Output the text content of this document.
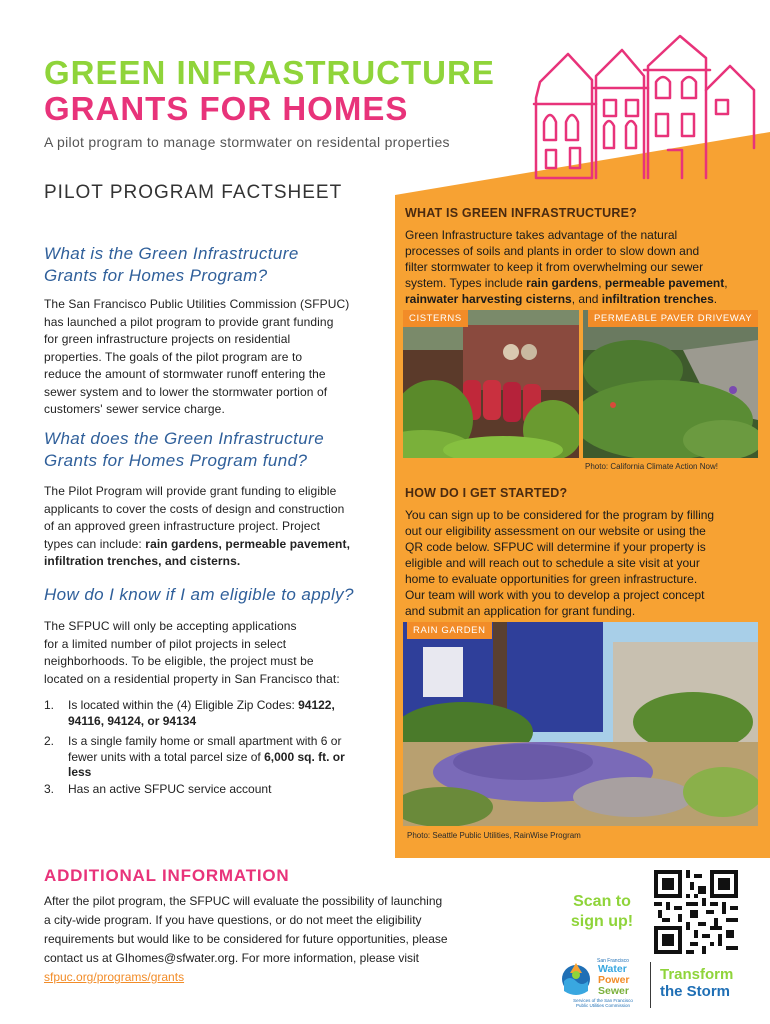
GREEN INFRASTRUCTURE
GRANTS FOR HOMES
A pilot program to manage stormwater on residental properties
PILOT PROGRAM FACTSHEET
What is the Green Infrastructure
Grants for Homes Program?
The San Francisco Public Utilities Commission (SFPUC)
has launched a pilot program to provide grant funding
for green infrastructure projects on residential
properties. The goals of the pilot program are to
reduce the amount of stormwater runoff entering the
sewer system and to lower the stormwater portion of
customers' sewer service charge.
What does the Green Infrastructure
Grants for Homes Program fund?
The Pilot Program will provide grant funding to eligible
applicants to cover the costs of design and construction
of an approved green infrastructure project. Project
types can include: rain gardens, permeable pavement,
infiltration trenches, and cisterns.
How do I know if I am eligible to apply?
The SFPUC will only be accepting applications
for a limited number of pilot projects in select
neighborhoods. To be eligible, the project must be
located on a residential property in San Francisco that:
1. Is located within the (4) Eligible Zip Codes: 94122,
94116, 94124, or 94134
2. Is a single family home or small apartment with 6 or
fewer units with a total parcel size of 6,000 sq. ft. or
less
3. Has an active SFPUC service account
WHAT IS GREEN INFRASTRUCTURE?
Green Infrastructure takes advantage of the natural
processes of soils and plants in order to slow down and
filter stormwater to keep it from overwhelming our sewer
system. Types include rain gardens, permeable pavement,
rainwater harvesting cisterns, and infiltration trenches.
CISTERNS	PERMEABLE PAVER DRIVEWAY
Photo: California Climate Action Now!
HOW DO I GET STARTED?
You can sign up to be considered for the program by filling
out our eligibility assessment on our website or using the
QR code below. SFPUC will determine if your property is
eligible and will reach out to schedule a site visit at your
home to evaluate opportunities for green infrastructure.
Our team will work with you to develop a project concept
and submit an application for grant funding.
RAIN GARDEN
Photo: Seattle Public Utilities, RainWise Program
ADDITIONAL INFORMATION
After the pilot program, the SFPUC will evaluate the possibility of launching
a city-wide program. If you have questions, or do not meet the eligibility
requirements but would like to be considered for future opportunities, please
contact us at GIhomes@sfwater.org. For more information, please visit
sfpuc.org/programs/grants
Scan to
sign up!
San Francisco
Water
Power
Sewer
Services of the San Francisco
Public Utilities Commission
Transform
the Storm
